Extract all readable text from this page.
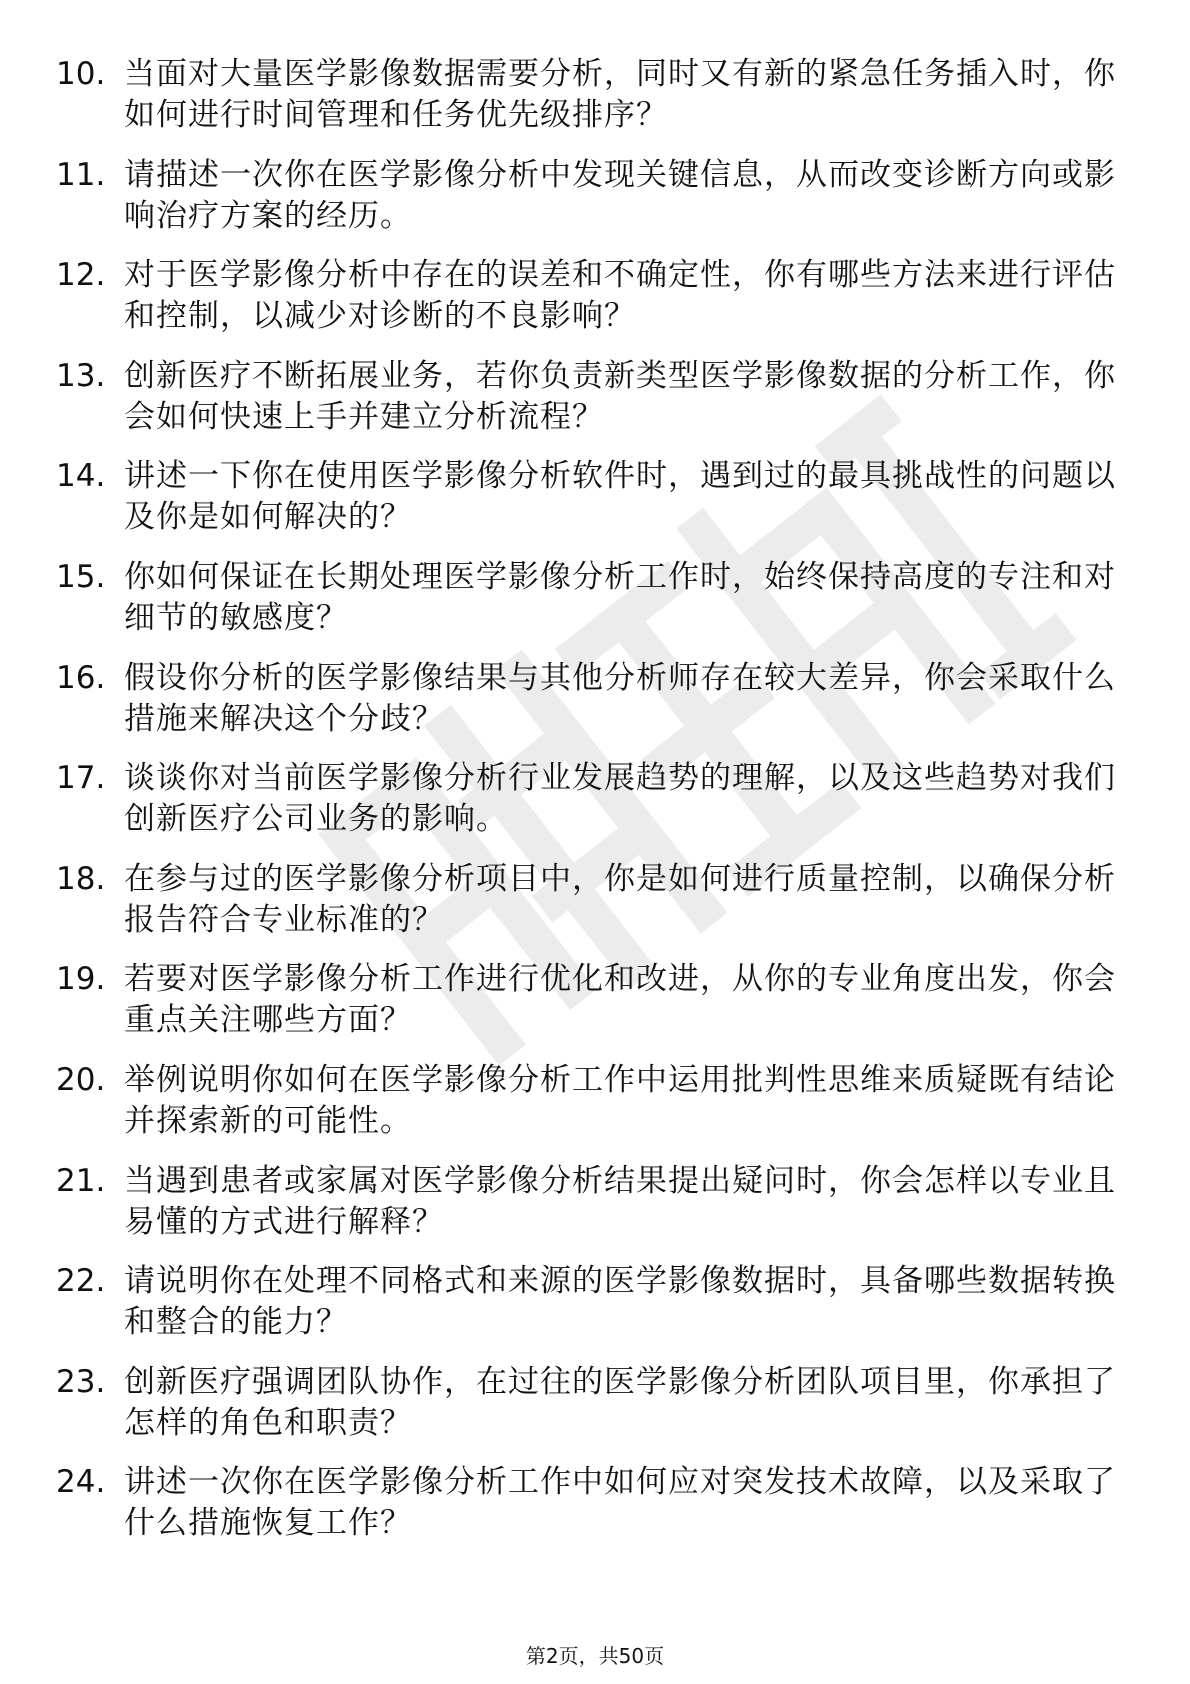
10. 当面对大量医学影像数据需要分析，同时又有新的紧急任务插入时，你如何进行时间管理和任务优先级排序？
11. 请描述一次你在医学影像分析中发现关键信息，从而改变诊断方向或影响治疗方案的经历。
12. 对于医学影像分析中存在的误差和不确定性，你有哪些方法来进行评估和控制，以减少对诊断的不良影响？
13. 创新医疗不断拓展业务，若你负责新类型医学影像数据的分析工作，你会如何快速上手并建立分析流程？
14. 讲述一下你在使用医学影像分析软件时，遇到过的最具挑战性的问题以及你是如何解决的？
15. 你如何保证在长期处理医学影像分析工作时，始终保持高度的专注和对细节的敏感度？
16. 假设你分析的医学影像结果与其他分析师存在较大差异，你会采取什么措施来解决这个分歧？
17. 谈谈你对当前医学影像分析行业发展趋势的理解，以及这些趋势对我们创新医疗公司业务的影响。
18. 在参与过的医学影像分析项目中，你是如何进行质量控制，以确保分析报告符合专业标准的？
19. 若要对医学影像分析工作进行优化和改进，从你的专业角度出发，你会重点关注哪些方面？
20. 举例说明你如何在医学影像分析工作中运用批判性思维来质疑既有结论并探索新的可能性。
21. 当遇到患者或家属对医学影像分析结果提出疑问时，你会怎样以专业且易懂的方式进行解释？
22. 请说明你在处理不同格式和来源的医学影像数据时，具备哪些数据转换和整合的能力？
23. 创新医疗强调团队协作，在过往的医学影像分析团队项目里，你承担了怎样的角色和职责？
24. 讲述一次你在医学影像分析工作中如何应对突发技术故障，以及采取了什么措施恢复工作？
第2页，共50页
